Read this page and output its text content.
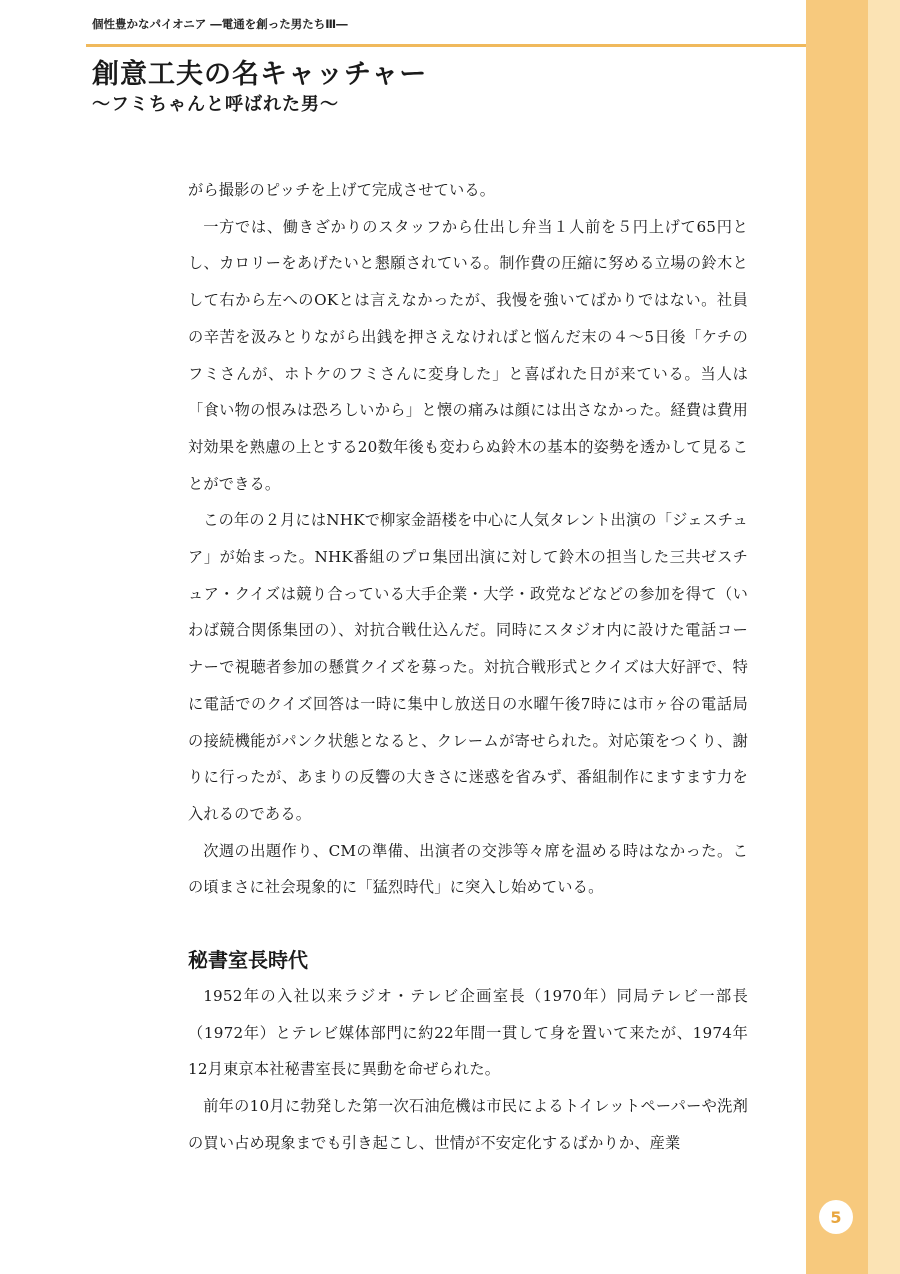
個性豊かなパイオニア ―電通を創った男たちⅢ―
創意工夫の名キャッチャー
〜フミちゃんと呼ばれた男〜

がら撮影のピッチを上げて完成させている。

一方では、働きざかりのスタッフから仕出し弁当１人前を５円上げて65円とし、カロリーをあげたいと懇願されている。制作費の圧縮に努める立場の鈴木として右から左へのOKとは言えなかったが、我慢を強いてばかりではない。社員の辛苦を汲みとりながら出銭を押さえなければと悩んだ末の４〜5日後「ケチのフミさんが、ホトケのフミさんに変身した」と喜ばれた日が来ている。当人は「食い物の恨みは恐ろしいから」と懐の痛みは顔には出さなかった。経費は費用対効果を熟慮の上とする20数年後も変わらぬ鈴木の基本的姿勢を透かして見ることができる。

この年の２月にはNHKで柳家金語楼を中心に人気タレント出演の「ジェスチュア」が始まった。NHK番組のプロ集団出演に対して鈴木の担当した三共ゼスチュア・クイズは競り合っている大手企業・大学・政党などなどの参加を得て（いわば競合関係集団の）、対抗合戦仕込んだ。同時にスタジオ内に設けた電話コーナーで視聴者参加の懸賞クイズを募った。対抗合戦形式とクイズは大好評で、特に電話でのクイズ回答は一時に集中し放送日の水曜午後7時には市ヶ谷の電話局の接続機能がパンク状態となると、クレームが寄せられた。対応策をつくり、謝りに行ったが、あまりの反響の大きさに迷惑を省みず、番組制作にますます力を入れるのである。

次週の出題作り、CMの準備、出演者の交渉等々席を温める時はなかった。この頃まさに社会現象的に「猛烈時代」に突入し始めている。

秘書室長時代

1952年の入社以来ラジオ・テレビ企画室長（1970年）同局テレビ一部長（1972年）とテレビ媒体部門に約22年間一貫して身を置いて来たが、1974年12月東京本社秘書室長に異動を命ぜられた。

前年の10月に勃発した第一次石油危機は市民によるトイレットペーパーや洗剤の買い占め現象までも引き起こし、世情が不安定化するばかりか、産業

5
